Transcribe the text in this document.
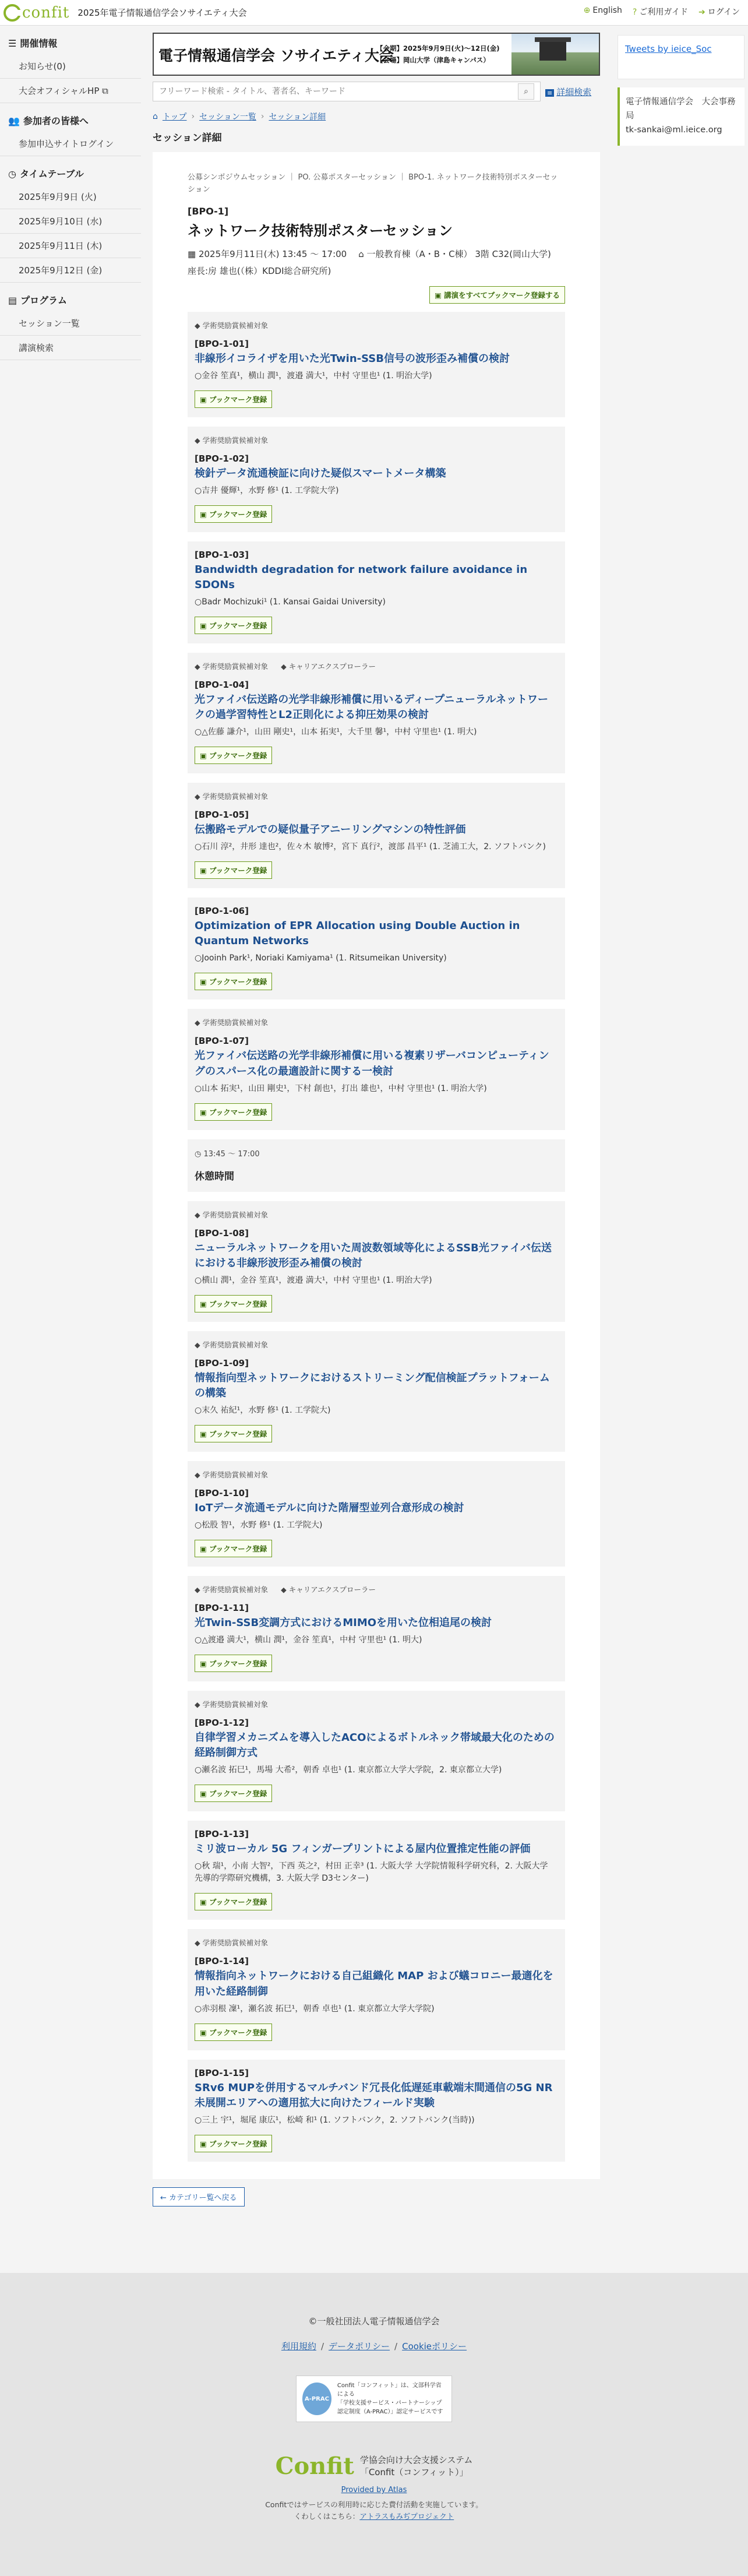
confit 2025年電子情報通信学会ソサイエティ大会	⊕ English ? ご利用ガイド ➔ ログイン
☰ 開催情報
お知らせ(0)
大会オフィシャルHP ⧉
👥 参加者の皆様へ
参加申込サイトログイン
◷ タイムテーブル
2025年9月9日 (火)
2025年9月10日 (水)
2025年9月11日 (木)
2025年9月12日 (金)
▤ プログラム
セッション一覧
講演検索
Tweets by ieice_Soc
電子情報通信学会　大会事務局
tk-sankai@ml.ieice.org
電子情報通信学会 ソサイエティ大会
【会期】2025年9月9日(火)〜12日(金)
【会場】岡山大学（津島キャンパス）
フリーワード検索 - タイトル、著者名、キーワード
⌕	≡ 詳細検索
⌂ トップ › セッション一覧 › セッション詳細
セッション詳細
公募シンポジウムセッション ｜ PO. 公募ポスターセッション ｜ BPO-1. ネットワーク技術特別ポスターセッション
[BPO-1]
ネットワーク技術特別ポスターセッション
▦ 2025年9月11日(木) 13:45 〜 17:00 ⌂ 一般教育棟（A・B・C棟） 3階 C32(岡山大学)
座長:房 雄也(（株）KDDI総合研究所)
▣ 講演をすべてブックマーク登録する
◆ 学術奨励賞候補対象
[BPO-1-01]
非線形イコライザを用いた光Twin-SSB信号の波形歪み補償の検討
○金谷 笙真¹，横山 潤¹，渡邉 満大¹，中村 守里也¹ (1. 明治大学)
▣ ブックマーク登録
◆ 学術奨励賞候補対象
[BPO-1-02]
検針データ流通検証に向けた疑似スマートメータ構築
○吉井 優輝¹，水野 修¹ (1. 工学院大学)
▣ ブックマーク登録
[BPO-1-03]
Bandwidth degradation for network failure avoidance in SDONs
○Badr Mochizuki¹ (1. Kansai Gaidai University)
▣ ブックマーク登録
◆ 学術奨励賞候補対象 ◆ キャリアエクスプローラー
[BPO-1-04]
光ファイバ伝送路の光学非線形補償に用いるディープニューラルネットワークの過学習特性とL2正則化による抑圧効果の検討
○△佐藤 謙介¹，山田 剛史¹，山本 拓実¹，大千里 馨¹，中村 守里也¹ (1. 明大)
▣ ブックマーク登録
◆ 学術奨励賞候補対象
[BPO-1-05]
伝搬路モデルでの疑似量子アニーリングマシンの特性評価
○石川 淳²，井形 達也²，佐々木 敏博²，宮下 真行²，渡部 昌平¹ (1. 芝浦工大，2. ソフトバンク)
▣ ブックマーク登録
[BPO-1-06]
Optimization of EPR Allocation using Double Auction in Quantum Networks
○Jooinh Park¹, Noriaki Kamiyama¹ (1. Ritsumeikan University)
▣ ブックマーク登録
◆ 学術奨励賞候補対象
[BPO-1-07]
光ファイバ伝送路の光学非線形補償に用いる複素リザーバコンピューティングのスパース化の最適設計に関する一検討
○山本 拓実¹，山田 剛史¹，下村 創也¹，打出 雄也¹，中村 守里也¹ (1. 明治大学)
▣ ブックマーク登録
◷ 13:45 〜 17:00
休憩時間
◆ 学術奨励賞候補対象
[BPO-1-08]
ニューラルネットワークを用いた周波数領域等化によるSSB光ファイバ伝送における非線形波形歪み補償の検討
○横山 潤¹，金谷 笙真¹，渡邉 満大¹，中村 守里也¹ (1. 明治大学)
▣ ブックマーク登録
◆ 学術奨励賞候補対象
[BPO-1-09]
情報指向型ネットワークにおけるストリーミング配信検証プラットフォームの構築
○末久 祐紀¹，水野 修¹ (1. 工学院大)
▣ ブックマーク登録
◆ 学術奨励賞候補対象
[BPO-1-10]
IoTデータ流通モデルに向けた階層型並列合意形成の検討
○松股 智¹，水野 修¹ (1. 工学院大)
▣ ブックマーク登録
◆ 学術奨励賞候補対象 ◆ キャリアエクスプローラー
[BPO-1-11]
光Twin-SSB変調方式におけるMIMOを用いた位相追尾の検討
○△渡邉 満大¹，横山 潤¹，金谷 笙真¹，中村 守里也¹ (1. 明大)
▣ ブックマーク登録
◆ 学術奨励賞候補対象
[BPO-1-12]
自律学習メカニズムを導入したACOによるボトルネック帯域最大化のための経路制御方式
○瀬名波 拓巳¹，馬場 大希²，朝香 卓也¹ (1. 東京都立大学大学院，2. 東京都立大学)
▣ ブックマーク登録
[BPO-1-13]
ミリ波ローカル 5G フィンガープリントによる屋内位置推定性能の評価
○秋 瑞¹，小南 大智²，下西 英之²，村田 正幸³ (1. 大阪大学 大学院情報科学研究科，2. 大阪大学 先導的学際研究機構，3. 大阪大学 D3センター)
▣ ブックマーク登録
◆ 学術奨励賞候補対象
[BPO-1-14]
情報指向ネットワークにおける自己組織化 MAP および蟻コロニー最適化を用いた経路制御
○赤羽根 凜¹，瀬名波 拓巳¹，朝香 卓也¹ (1. 東京都立大学大学院)
▣ ブックマーク登録
[BPO-1-15]
SRv6 MUPを併用するマルチバンド冗長化低遅延車載端末間通信の5G NR未展開エリアへの適用拡大に向けたフィールド実験
○三上 宇¹，堀尾 康広¹，松崎 和¹ (1. ソフトバンク，2. ソフトバンク(当時))
▣ ブックマーク登録
← カテゴリー覧へ戻る
©一般社団法人電子情報通信学会
利用規約 / データポリシー / Cookieポリシー
A-PRAC
Confit「コンフィット」は、文部科学省による
「学校支援サービス・パートナーシップ
認定制度（A-PRAC）」認定サービスです
Confit 学協会向け大会支援システム
「Confit（コンフィット）」
Provided by Atlas
Confitではサービスの利用時に応じた費付活動を実施しています。
くわしくはこちら：アトラスもみぢプロジェクト
